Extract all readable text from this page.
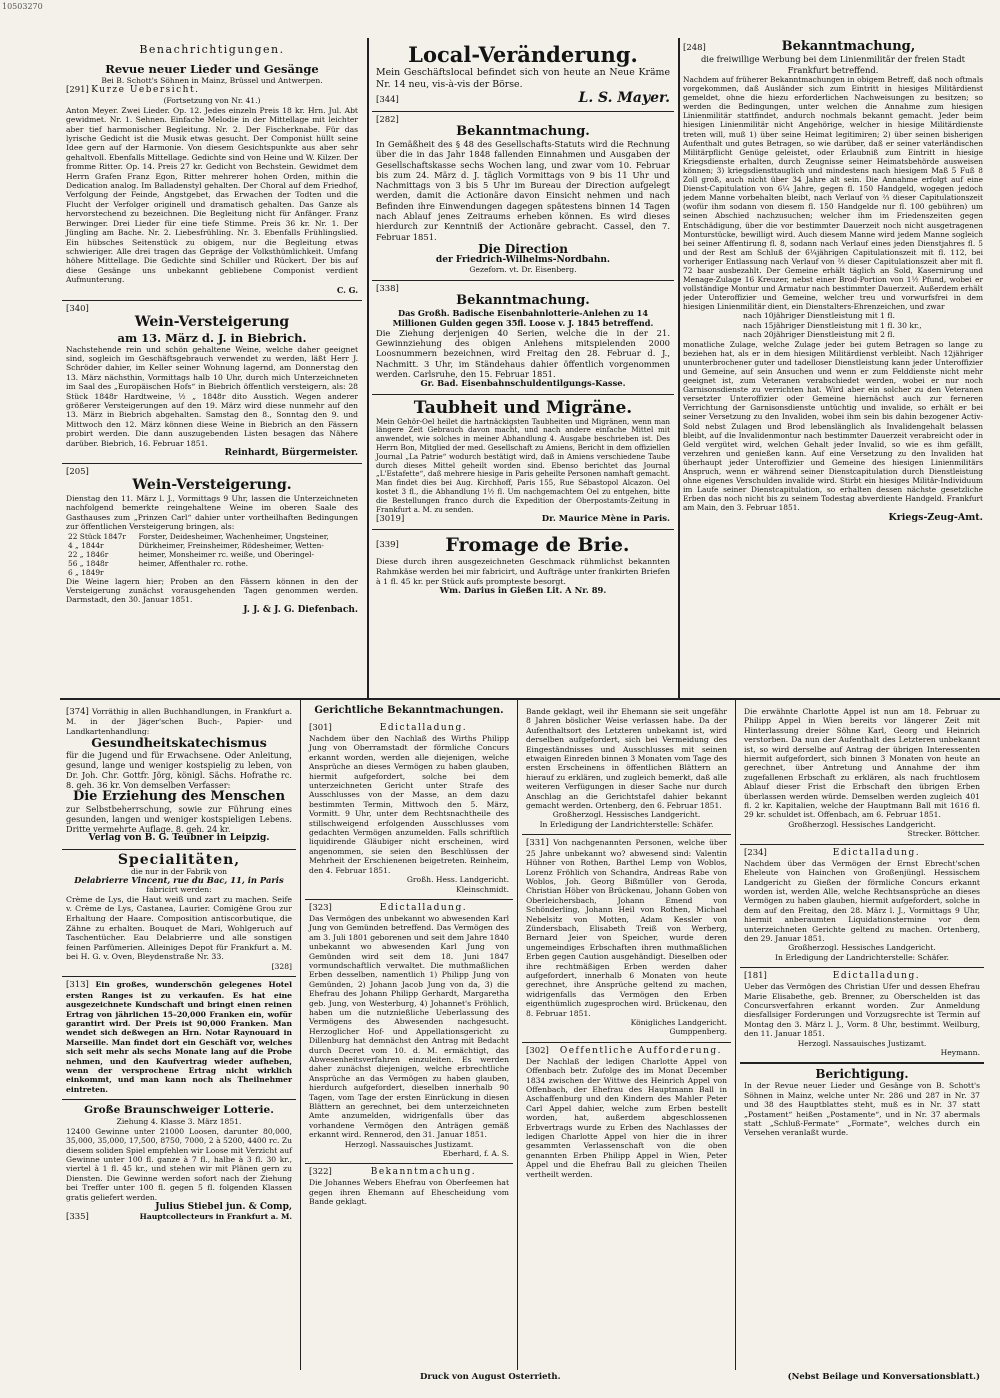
10503270
Benachrichtigungen.
Revue neuer Lieder und Gesänge
Bei B. Schott's Söhnen in Mainz, Brüssel und Antwerpen.
[291] Kurze Uebersicht.
(Fortsetzung von Nr. 41.)
Anton Meyer. Zwei Lieder. Op. 12. Jedes einzeln Preis 18 kr. Hrn. Jul. Abt gewidmet. Nr. 1. Sehnen. Einfache Melodie in der Mittellage mit leichter aber tief harmonischer Begleitung. Nr. 2. Der Fischerknabe. Für das lyrische Gedicht ist die Musik etwas gesucht. Der Componist hüllt seine Idee gern auf der Harmonie. Von diesem Gesichtspunkte aus aber sehr gehaltvoll. Ebenfalls Mittellage. Gedichte sind von Heine und W. Kilzer. Der fromme Ritter. Op. 14. Preis 27 kr. Gedicht von Bechstein. Gewidmet dem Herrn Grafen Franz Egon, Ritter mehrerer hohen Orden, mithin die Dedication analog. Im Balladenstyl gehalten. Der Choral auf dem Friedhof, Verfolgung der Feinde, Angstgebet, das Erwachen der Todten und die Flucht der Verfolger originell und dramatisch gehalten. Das Ganze als hervorstechend zu bezeichnen. Die Begleitung nicht für Anfänger. Franz Berwinger. Drei Lieder für eine tiefe Stimme. Preis 36 kr. Nr. 1. Der Jüngling am Bache. Nr. 2. Liebesfrühling. Nr. 3. Ebenfalls Frühlingslied. Ein hübsches Seitenstück zu obigem, nur die Begleitung etwas schwieriger. Alle drei tragen das Gepräge der Volksthümlichkeit. Umfang höhere Mittellage. Die Gedichte sind Schiller und Rückert. Der bis auf diese Gesänge uns unbekannt gebliebene Componist verdient Aufmunterung.
C. G.
[340]
Wein-Versteigerung
am 13. März d. J. in Biebrich.
Nachstehende rein und schön gehaltene Weine, welche daher geeignet sind, sogleich im Geschäftsgebrauch verwendet zu werden, läßt Herr J. Schröder dahier, im Keller seiner Wohnung lagernd, am Donnerstag den 13. März nächsthin, Vormittags halb 10 Uhr, durch mich Unterzeichneten im Saal des „Europäischen Hofs“ in Biebrich öffentlich versteigern, als: 28 Stück 1848r Hardtweine, ½ „ 1848r dito Ausstich. Wegen anderer größerer Versteigerungen auf den 19. März wird diese nunmehr auf den 13. März in Biebrich abgehalten. Samstag den 8., Sonntag den 9. und Mittwoch den 12. März können diese Weine in Biebrich an den Fässern probirt werden. Die dann auszugebenden Listen besagen das Nähere darüber. Biebrich, 16. Februar 1851.
Reinhardt, Bürgermeister.
[205]
Wein-Versteigerung.
Dienstag den 11. März l. J., Vormittags 9 Uhr, lassen die Unterzeichneten nachfolgend bemerkte reingehaltene Weine im oberen Saale des Gasthauses zum „Prinzen Carl“ dahier unter vortheilhaften Bedingungen zur öffentlichen Versteigerung bringen, als:
22 Stück 1847r	Forster, Deidesheimer, Wachenheimer, Ungsteiner,
4 „ 1844r	Dürkheimer, Freinsheimer, Rödesheimer, Wetten-
22 „ 1846r	heimer, Monsheimer rc. weiße, und Oberingel-
56 „ 1848r	heimer, Affenthaler rc. rothe.
6 „ 1849r	
Die Weine lagern hier; Proben an den Fässern können in den der Versteigerung zunächst vorausgehenden Tagen genommen werden. Darmstadt, den 30. Januar 1851.
J. J. & J. G. Diefenbach.
Local-Veränderung.
Mein Geschäftslocal befindet sich von heute an Neue Kräme Nr. 14 neu, vis-à-vis der Börse.
[344]	L. S. Mayer.
[282]
Bekanntmachung.
In Gemäßheit des § 48 des Gesellschafts-Statuts wird die Rechnung über die in das Jahr 1848 fallenden Einnahmen und Ausgaben der Gesellschaftskasse sechs Wochen lang, und zwar vom 10. Februar bis zum 24. März d. J. täglich Vormittags von 9 bis 11 Uhr und Nachmittags von 3 bis 5 Uhr im Bureau der Direction aufgelegt werden, damit die Actionäre davon Einsicht nehmen und nach Befinden ihre Einwendungen dagegen spätestens binnen 14 Tagen nach Ablauf jenes Zeitraums erheben können. Es wird dieses hierdurch zur Kenntniß der Actionäre gebracht. Cassel, den 7. Februar 1851.
Die Direction
der Friedrich-Wilhelms-Nordbahn.
Gezeforn. vt. Dr. Eisenberg.
[338]
Bekanntmachung.
Das Großh. Badische Eisenbahnlotterie-Anlehen zu 14 Millionen Gulden gegen 35fl. Loose v. J. 1845 betreffend.
Die Ziehung derjenigen 40 Serien, welche die in der 21. Gewinnziehung des obigen Anlehens mitspielenden 2000 Loosnummern bezeichnen, wird Freitag den 28. Februar d. J., Nachmitt. 3 Uhr, im Ständehaus dahier öffentlich vorgenommen werden. Carlsruhe, den 15. Februar 1851.
Gr. Bad. Eisenbahnschuldentilgungs-Kasse.
Taubheit und Migräne.
Mein Gehör-Oel heilet die hartnäckigsten Taubheiten und Migränen, wenn man längere Zeit Gebrauch davon macht, und nach andere einfache Mittel mit anwendet, wie solches in meiner Abhandlung 4. Ausgabe beschrieben ist. Des Herrn Bon, Mitglied der med. Gesellschaft zu Amiens, Bericht in dem offiziellen Journal „La Patrie“ wodurch bestätigt wird, daß in Amiens verschiedene Taube durch dieses Mittel geheilt worden sind. Ebenso berichtet das Journal „L'Estafette“, daß mehrere hiesige in Paris geheilte Personen namhaft gemacht. Man findet dies bei Aug. Kirchhoff, Paris 155, Rue Sébastopol Alcazon. Oel kostet 3 fl., die Abhandlung 1½ fl. Um nachgemachtem Oel zu entgehen, bitte die Bestellungen franco durch die Expedition der Oberpostamts-Zeitung in Frankfurt a. M. zu senden.
[3019]	Dr. Maurice Mène in Paris.
[339]	Fromage de Brie.
Diese durch ihren ausgezeichneten Geschmack rühmlichst bekannten Rahmkäse werden bei mir fabricirt, und Aufträge unter frankirten Briefen à 1 fl. 45 kr. per Stück aufs prompteste besorgt.
Wm. Darius in Gießen Lit. A Nr. 89.
[248]	Bekanntmachung,
die freiwillige Werbung bei dem Linienmilitär der freien Stadt Frankfurt betreffend.
Nachdem auf früherer Bekanntmachungen in obigem Betreff, daß noch oftmals vorgekommen, daß Ausländer sich zum Eintritt in hiesiges Militärdienst gemeldet, ohne die hiezu erforderlichen Nachweisungen zu besitzen; so werden die Bedingungen, unter welchen die Annahme zum hiesigen Linienmilitär stattfindet, andurch nochmals bekannt gemacht. Jeder beim hiesigen Linienmilitär nicht Angehörige, welcher in hiesige Militärdienste treten will, muß 1) über seine Heimat legitimiren; 2) über seinen bisherigen Aufenthalt und gutes Betragen, so wie darüber, daß er seiner vaterländischen Militärpflicht Genüge geleistet, oder Erlaubniß zum Eintritt in hiesige Kriegsdienste erhalten, durch Zeugnisse seiner Heimatsbehörde ausweisen können; 3) kriegsdiensttauglich und mindestens nach hiesigem Maß 5 Fuß 8 Zoll groß, auch nicht über 34 Jahre alt sein. Die Annahme erfolgt auf eine Dienst-Capitulation von 6¼ Jahre, gegen fl. 150 Handgeld, wogegen jedoch jedem Manne vorbehalten bleibt, nach Verlauf von ⅔ dieser Capitulationszeit (wofür ihm sodann von diesem fl. 150 Handgelde nur fl. 100 gebühren) um seinen Abschied nachzusuchen; welcher ihm im Friedenszeiten gegen Entschädigung, über die vor bestimmter Dauerzeit noch nicht ausgetragenen Monturstücke, bewilligt wird. Auch diesem Manne wird jedem Manne sogleich bei seiner Affentirung fl. 8, sodann nach Verlauf eines jeden Dienstjahres fl. 5 und der Rest am Schluß der 6¼jährigen Capitulationszeit mit fl. 112, bei vorheriger Entlassung nach Verlauf von ⅔ dieser Capitulationszeit aber mit fl. 72 baar ausbezahlt. Der Gemeine erhält täglich an Sold, Kasernirung und Menage-Zulage 16 Kreuzer, nebst einer Brod-Portion von 1½ Pfund, wobei er vollständige Montur und Armatur nach bestimmter Dauerzeit. Außerdem erhält jeder Unteroffizier und Gemeine, welcher treu und vorwurfsfrei in dem hiesigen Linienmilitär dient, ein Dienstalters-Ehrenzeichen, und zwar
nach 10jähriger Dienstleistung mit 1 fl.
nach 15jähriger Dienstleistung mit 1 fl. 30 kr.,
nach 20jähriger Dienstleistung mit 2 fl.
monatliche Zulage, welche Zulage jeder bei gutem Betragen so lange zu beziehen hat, als er in dem hiesigen Militärdienst verbleibt. Nach 12jähriger ununterbrochener guter und tadelloser Dienstleistung kann jeder Unteroffizier und Gemeine, auf sein Ansuchen und wenn er zum Felddienste nicht mehr geeignet ist, zum Veteranen verabschiedet werden, wobei er nur noch Garnisonsdienste zu verrichten hat. Wird aber ein solcher zu den Veteranen versetzter Unteroffizier oder Gemeine hiernächst auch zur ferneren Verrichtung der Garnisonsdienste untüchtig und invalide, so erhält er bei seiner Versetzung zu den Invaliden, wobei ihm sein bis dahin bezogener Activ-Sold nebst Zulagen und Brod lebenslänglich als Invalidengehalt belassen bleibt, auf die Invalidenmontur nach bestimmter Dauerzeit verabreicht oder in Geld vergütet wird, welchen Gehalt jeder Invalid, so wie es ihm gefällt, verzehren und genießen kann. Auf eine Versetzung zu den Invaliden hat überhaupt jeder Unteroffizier und Gemeine des hiesigen Linienmilitärs Anspruch, wenn er während seiner Dienstcapitulation durch Dienstleistung ohne eigenes Verschulden invalide wird. Stirbt ein hiesiges Militär-Individuum im Laufe seiner Dienstcapitulation, so erhalten dessen nächste gesetzliche Erben das noch nicht bis zu seinem Todestag abverdiente Handgeld. Frankfurt am Main, den 3. Februar 1851.
Kriegs-Zeug-Amt.
[374] Vorräthig in allen Buchhandlungen, in Frankfurt a. M. in der Jäger'schen Buch-, Papier- und Landkartenhandlung:
Gesundheitskatechismus
für die Jugend und für Erwachsene. Oder Anleitung, gesund, lange und weniger kostspielig zu leben, von Dr. Joh. Chr. Gottfr. Jörg, königl. Sächs. Hofrathe rc. 8. geh. 36 kr. Von demselben Verfasser:
Die Erziehung des Menschen
zur Selbstbeherrschung, sowie zur Führung eines gesunden, langen und weniger kostspieligen Lebens. Dritte vermehrte Auflage. 8. geh. 24 kr.
Verlag von B. G. Teubner in Leipzig.
Specialitäten,
die nur in der Fabrik von
Delabrierre Vincent, rue du Bac, 11, in Paris
fabricirt werden:
Crème de Lys, die Haut weiß und zart zu machen. Seife v. Crème de Lys, Castanea, Laurier. Comigène Grou zur Erhaltung der Haare. Composition antiscorbutique, die Zähne zu erhalten. Bouquet de Mari, Wohlgeruch auf Taschentücher. Eau Delabrierre und alle sonstigen feinen Parfümerien. Alleiniges Depot für Frankfurt a. M. bei H. G. v. Oven, Bleydenstraße Nr. 33.
[328]
[313] Ein großes, wunderschön gelegenes Hotel ersten Ranges ist zu verkaufen. Es hat eine ausgezeichnete Kundschaft und bringt einen reinen Ertrag von jährlichen 15–20,000 Franken ein, wofür garantirt wird. Der Preis ist 90,000 Franken. Man wendet sich deßwegen an Hrn. Notar Raynouard in Marseille. Man findet dort ein Geschäft vor, welches sich seit mehr als sechs Monate lang auf die Probe nehmen, und den Kaufvertrag wieder aufheben, wenn der versprochene Ertrag nicht wirklich einkommt, und man kann noch als Theilnehmer eintreten.
Große Braunschweiger Lotterie.
Ziehung 4. Klasse 3. März 1851.
12400 Gewinne unter 21000 Loosen, darunter 80,000, 35,000, 35,000, 17,500, 8750, 7000, 2 à 5200, 4400 rc. Zu diesem soliden Spiel empfehlen wir Loose mit Verzicht auf Gewinne unter 100 fl. ganze à 7 fl., halbe à 3 fl. 30 kr., viertel à 1 fl. 45 kr., und stehen wir mit Plänen gern zu Diensten. Die Gewinne werden sofort nach der Ziehung bei Treffer unter 100 fl. gegen 5 fl. folgenden Klassen gratis geliefert werden.
Julius Stiebel jun. & Comp,
[335]	Hauptcollecteurs in Frankfurt a. M.
Gerichtliche Bekanntmachungen.
[301]	Edictalladung.
Nachdem über den Nachlaß des Wirths Philipp Jung von Oberramstadt der förmliche Concurs erkannt worden, werden alle diejenigen, welche Ansprüche an dieses Vermögen zu haben glauben, hiermit aufgefordert, solche bei dem unterzeichneten Gericht unter Strafe des Ausschlusses von der Masse, an dem dazu bestimmten Termin, Mittwoch den 5. März, Vormitt. 9 Uhr, unter dem Rechtsnachtheile des stillschweigend erfolgenden Ausschlusses vom gedachten Vermögen anzumelden. Falls schriftlich liquidirende Gläubiger nicht erscheinen, wird angenommen, sie seien den Beschlüssen der Mehrheit der Erschienenen beigetreten. Reinheim, den 4. Februar 1851.
Großh. Hess. Landgericht.
Kleinschmidt.
[323]	Edictalladung.
Das Vermögen des unbekannt wo abwesenden Karl Jung von Gemünden betreffend. Das Vermögen des am 3. Juli 1801 geborenen und seit dem Jahre 1840 unbekannt wo abwesenden Karl Jung von Gemünden wird seit dem 18. Juni 1847 vormundschaftlich verwaltet. Die muthmaßlichen Erben desselben, namentlich 1) Philipp Jung von Gemünden, 2) Johann Jacob Jung von da, 3) die Ehefrau des Johann Philipp Gerhardt, Margaretha geb. Jung, von Westerburg, 4) Johannet's Fröhlich, haben um die nutznießliche Ueberlassung des Vermögens des Abwesenden nachgesucht. Herzoglicher Hof- und Appellationsgericht zu Dillenburg hat demnächst den Antrag mit Bedacht durch Decret vom 10. d. M. ermächtigt, das Abwesenheitsverfahren einzuleiten. Es werden daher zunächst diejenigen, welche erbrechtliche Ansprüche an das Vermögen zu haben glauben, hierdurch aufgefordert, dieselben innerhalb 90 Tagen, vom Tage der ersten Einrückung in diesen Blättern an gerechnet, bei dem unterzeichneten Amte anzumelden, widrigenfalls über das vorhandene Vermögen den Anträgen gemäß erkannt wird. Rennerod, den 31. Januar 1851.
Herzogl. Nassauisches Justizamt.
Eberhard, f. A. S.
[322]	Bekanntmachung.
Die Johannes Webers Ehefrau von Oberfeemen hat gegen ihren Ehemann auf Ehescheidung vom Bande geklagt.
Bande geklagt, weil ihr Ehemann sie seit ungefähr 8 Jahren böslicher Weise verlassen habe. Da der Aufenthaltsort des Letzteren unbekannt ist, wird derselben aufgefordert, sich bei Vermeidung des Eingeständnisses und Ausschlusses mit seinen etwaigen Einreden binnen 3 Monaten vom Tage des ersten Erscheinens in öffentlichen Blättern an hierauf zu erklären, und zugleich bemerkt, daß alle weiteren Verfügungen in dieser Sache nur durch Anschlag an die Gerichtstafel dahier bekannt gemacht werden. Ortenberg, den 6. Februar 1851.
Großherzogl. Hessisches Landgericht.
In Erledigung der Landrichterstelle: Schäfer.
[331] Von nachgenannten Personen, welche über 25 Jahre unbekannt wo? abwesend sind: Valentin Hühner von Rothen, Barthel Lemp von Woblos, Lorenz Fröhlich von Schandra, Andreas Rabe von Woblos, Joh. Georg Bißmüller von Geroda, Christian Höber von Brückenau, Johann Goben von Oberleichersbach, Johann Emend von Schönderling, Johann Heil von Rothen, Michael Nebelsitz von Motten, Adam Kessler von Zündersbach, Elisabeth Treiß von Werberg, Bernard Jeier von Speicher, wurde deren ungemeindiges Erbschaften ihren muthmaßlichen Erben gegen Caution ausgehändigt. Dieselben oder ihre rechtmäßigen Erben werden daher aufgefordert, innerhalb 6 Monaten von heute gerechnet, ihre Ansprüche geltend zu machen, widrigenfalls das Vermögen den Erben eigenthümlich zugesprochen wird. Brückenau, den 8. Februar 1851.
Königliches Landgericht.
Gumppenberg.
[302]	Oeffentliche Aufforderung.
Der Nachlaß der ledigen Charlotte Appel von Offenbach betr. Zufolge des im Monat December 1834 zwischen der Wittwe des Heinrich Appel von Offenbach, der Ehefrau des Hauptmann Ball in Aschaffenburg und den Kindern des Mahler Peter Carl Appel dahier, welche zum Erben bestellt worden, hat, außerdem abgeschlossenen Erbvertrags wurde zu Erben des Nachlasses der ledigen Charlotte Appel von hier die in ihrer gesammten Verlassenschaft von die oben genannten Erben Philipp Appel in Wien, Peter Appel und die Ehefrau Ball zu gleichen Theilen vertheilt werden.
Die erwähnte Charlotte Appel ist nun am 18. Februar zu Philipp Appel in Wien bereits vor längerer Zeit mit Hinterlassung dreier Söhne Karl, Georg und Heinrich verstorben. Da nun der Aufenthalt des Letzteren unbekannt ist, so wird derselbe auf Antrag der übrigen Interessenten hiermit aufgefordert, sich binnen 3 Monaten von heute an gerechnet, über Antretung und Annahme der ihm zugefallenen Erbschaft zu erklären, als nach fruchtlosem Ablauf dieser Frist die Erbschaft den übrigen Erben überlassen werden würde. Demselben werden zugleich 401 fl. 2 kr. Kapitalien, welche der Hauptmann Ball mit 1616 fl. 29 kr. schuldet ist. Offenbach, am 6. Februar 1851.
Großherzogl. Hessisches Landgericht.
Strecker. Böttcher.
[234]	Edictalladung.
Nachdem über das Vermögen der Ernst Ebrecht'schen Eheleute von Hainchen von Großenjüngl. Hessischem Landgericht zu Gießen der förmliche Concurs erkannt worden ist, werden Alle, welche Rechtsansprüche an dieses Vermögen zu haben glauben, hiermit aufgefordert, solche in dem auf den Freitag, den 28. März l. J., Vormittags 9 Uhr, hiermit anberaumten Liquidationstermine vor dem unterzeichneten Gerichte geltend zu machen. Ortenberg, den 29. Januar 1851.
Großherzogl. Hessisches Landgericht.
In Erledigung der Landrichterstelle: Schäfer.
[181]	Edictalladung.
Ueber das Vermögen des Christian Ufer und dessen Ehefrau Marie Elisabethe, geb. Brenner, zu Oberschelden ist das Concursverfahren erkannt worden. Zur Anmeldung diesfallsiger Forderungen und Vorzugsrechte ist Termin auf Montag den 3. März l. J., Vorm. 8 Uhr, bestimmt. Weilburg, den 11. Januar 1851.
Herzogl. Nassauisches Justizamt.
Heymann.
Berichtigung.
In der Revue neuer Lieder und Gesänge von B. Schott's Söhnen in Mainz, welche unter Nr. 286 und 287 in Nr. 37 und 38 des Hauptblattes steht, muß es in Nr. 37 statt „Postament“ heißen „Postamente“, und in Nr. 37 abermals statt „Schluß-Fermate“ „Formate“, welches durch ein Versehen veranlaßt wurde.
Druck von August Osterrieth.	(Nebst Beilage und Konversationsblatt.)
